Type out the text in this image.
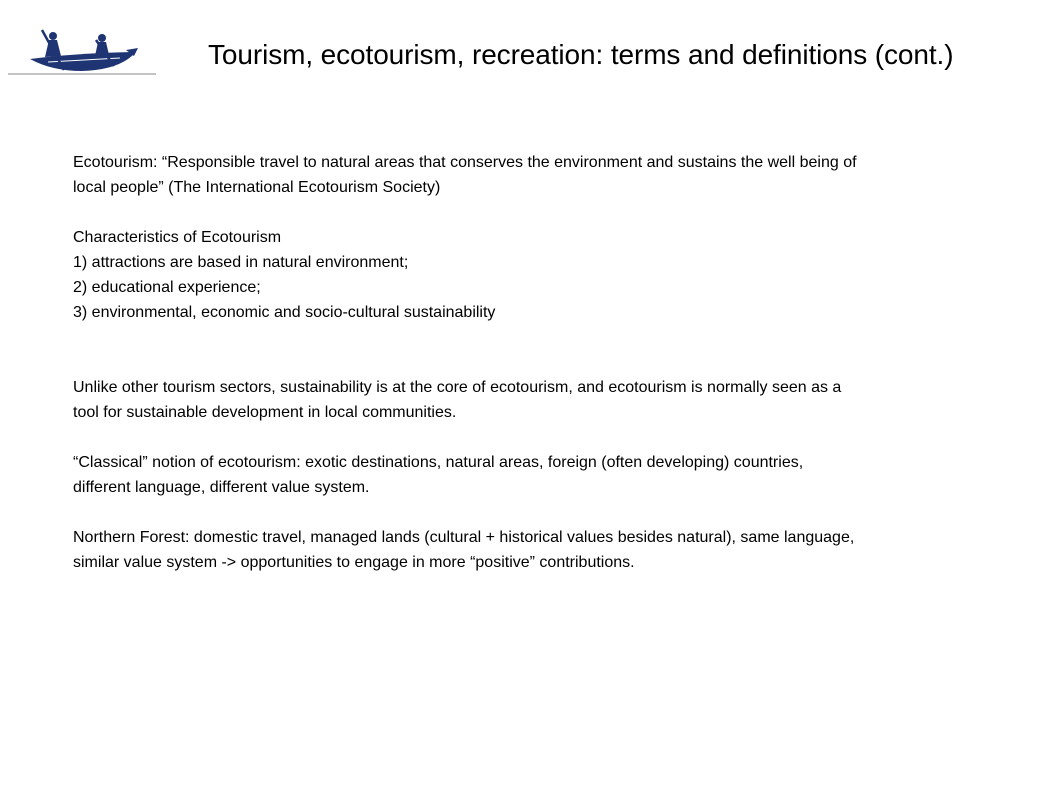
Tourism, ecotourism, recreation: terms and definitions (cont.)

Ecotourism: “Responsible travel to natural areas that conserves the environment and sustains the well being of
local people” (The International Ecotourism Society)

Characteristics of Ecotourism
1) attractions are based in natural environment;
2) educational experience;
3) environmental, economic and socio-cultural sustainability

Unlike other tourism sectors, sustainability is at the core of ecotourism, and ecotourism is normally seen as a
tool for sustainable development in local communities.

“Classical” notion of ecotourism: exotic destinations, natural areas, foreign (often developing) countries,
different language, different value system.

Northern Forest: domestic travel, managed lands (cultural + historical values besides natural), same language,
similar value system -> opportunities to engage in more “positive” contributions.
